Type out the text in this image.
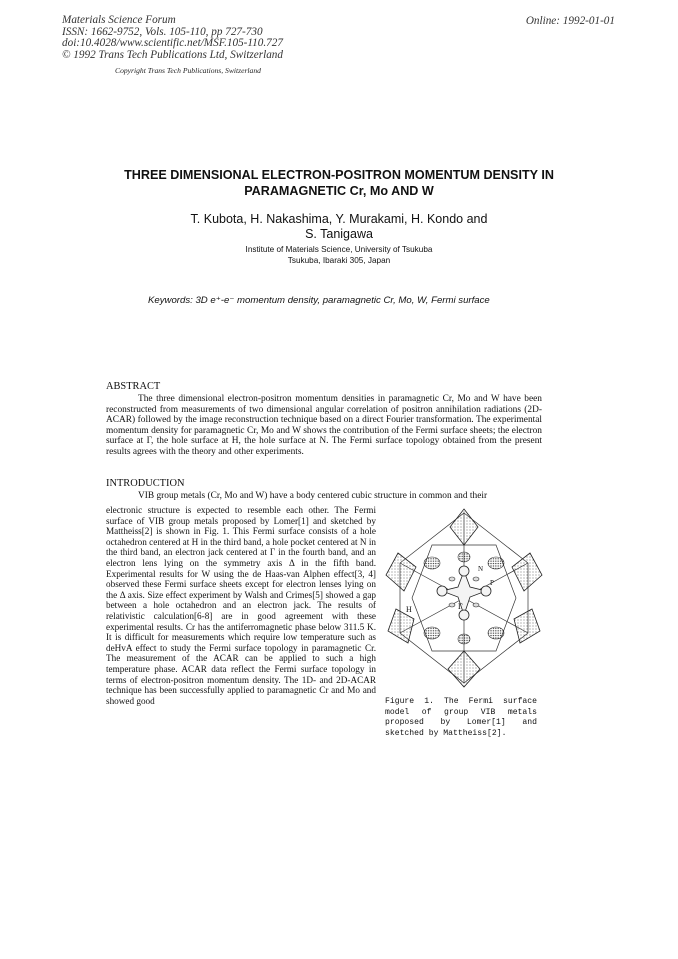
Materials Science Forum
ISSN: 1662-9752, Vols. 105-110, pp 727-730
doi:10.4028/www.scientific.net/MSF.105-110.727
© 1992 Trans Tech Publications Ltd, Switzerland
Copyright Trans Tech Publications, Switzerland
Online: 1992-01-01
THREE DIMENSIONAL ELECTRON-POSITRON MOMENTUM DENSITY IN
PARAMAGNETIC Cr, Mo AND W
T. Kubota, H. Nakashima, Y. Murakami, H. Kondo and
S. Tanigawa
Institute of Materials Science, University of Tsukuba
Tsukuba, Ibaraki 305, Japan
Keywords: 3D e⁺-e⁻ momentum density, paramagnetic Cr, Mo, W, Fermi surface
ABSTRACT

The three dimensional electron-positron momentum densities in paramagnetic Cr, Mo and W have been reconstructed from measurements of two dimensional angular correlation of positron annihilation radiations (2D-ACAR) followed by the image reconstruction technique based on a direct Fourier transformation. The experimental momentum density for paramagnetic Cr, Mo and W shows the contribution of the Fermi surface sheets; the electron surface at Γ, the hole surface at H, the hole surface at N. The Fermi surface topology obtained from the present results agrees with the theory and other experiments.

INTRODUCTION
VIB group metals (Cr, Mo and W) have a body centered cubic structure in common and their
electronic structure is expected to resemble each other. The Fermi surface of VIB group metals proposed by Lomer[1] and sketched by Mattheiss[2] is shown in Fig. 1. This Fermi surface consists of a hole octahedron centered at H in the third band, a hole pocket centered at N in the third band, an electron jack centered at Γ in the fourth band, and an electron lens lying on the symmetry axis Δ in the fifth band. Experimental results for W using the de Haas-van Alphen effect[3, 4] observed these Fermi surface sheets except for electron lenses lying on the Δ axis. Size effect experiment by Walsh and Crimes[5] showed a gap between a hole octahedron and an electron jack. The results of relativistic calculation[6-8] are in good agreement with these experimental results. Cr has the antiferromagnetic phase below 311.5 K. It is difficult for measurements which require low temperature such as deHvA effect to study the Fermi surface topology in paramagnetic Cr. The measurement of the ACAR can be applied to such a high temperature phase. ACAR data reflect the Fermi surface topology in terms of electron-positron momentum density. The 1D- and 2D-ACAR technique has been successfully applied to paramagnetic Cr and Mo and showed good
H	Γ
P
N
Figure 1. The Fermi surface model of group VIB metals proposed by Lomer[1] and sketched by Mattheiss[2].
